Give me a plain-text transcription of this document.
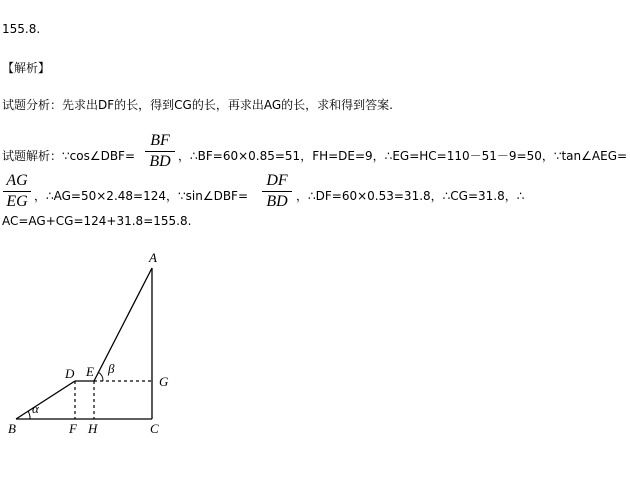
155.8.
【解析】
试题分析：先求出DF的长，得到CG的长，再求出AG的长，求和得到答案.
试题解析：∵cos∠DBF=
BF
BD ，∴BF=60×0.85=51，FH=DE=9，∴EG=HC=110－51－9=50，∵tan∠AEG=
AG
EG ，∴AG=50×2.48=124，∵sin∠DBF=
DF
BD ，∴DF=60×0.53=31.8，∴CG=31.8，∴
AC=AG+CG=124+31.8=155.8.
A
B	C
D E
F
G
H
α
β
